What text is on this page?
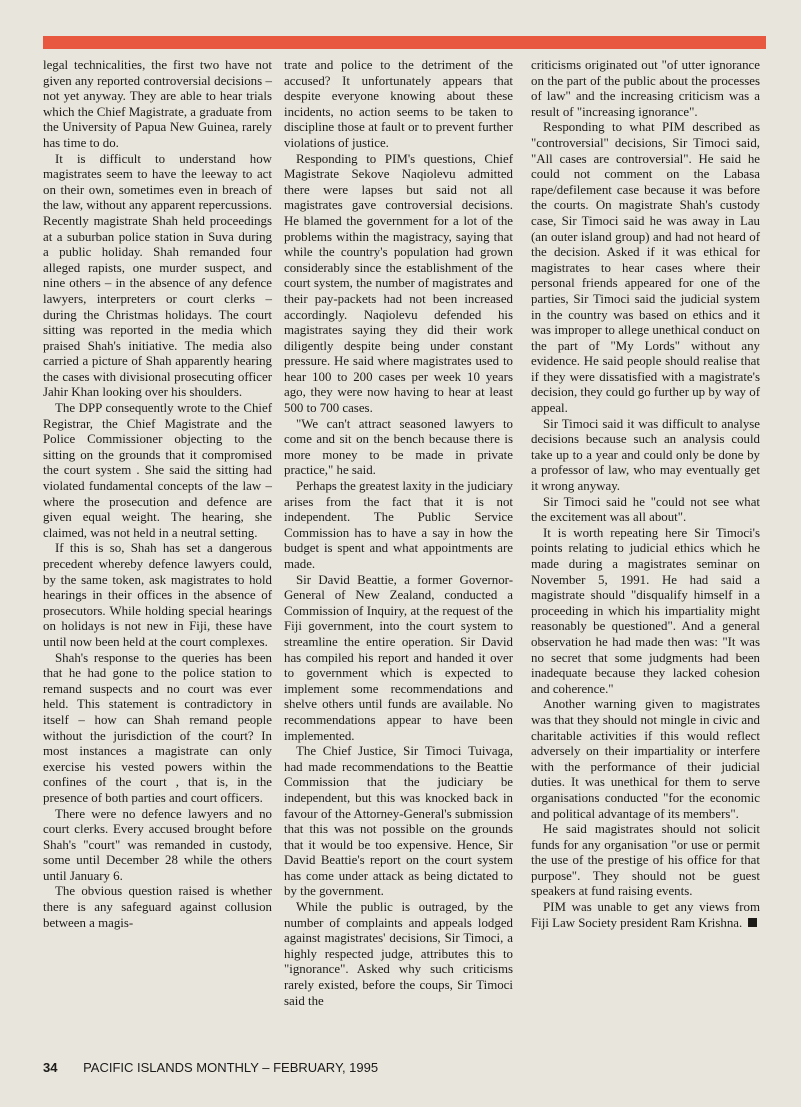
legal technicalities, the first two have not given any reported controversial decisions – not yet anyway. They are able to hear trials which the Chief Magistrate, a graduate from the University of Papua New Guinea, rarely has time to do.

It is difficult to understand how magistrates seem to have the leeway to act on their own, sometimes even in breach of the law, without any apparent repercussions. Recently magistrate Shah held proceedings at a suburban police station in Suva during a public holiday. Shah remanded four alleged rapists, one murder suspect, and nine others – in the absence of any defence lawyers, interpreters or court clerks – during the Christmas holidays. The court sitting was reported in the media which praised Shah's initiative. The media also carried a picture of Shah apparently hearing the cases with divisional prosecuting officer Jahir Khan looking over his shoulders.

The DPP consequently wrote to the Chief Registrar, the Chief Magistrate and the Police Commissioner objecting to the sitting on the grounds that it compromised the court system . She said the sitting had violated fundamental concepts of the law – where the prosecution and defence are given equal weight. The hearing, she claimed, was not held in a neutral setting.

If this is so, Shah has set a dangerous precedent whereby defence lawyers could, by the same token, ask magistrates to hold hearings in their offices in the absence of prosecutors. While holding special hearings on holidays is not new in Fiji, these have until now been held at the court complexes.

Shah's response to the queries has been that he had gone to the police station to remand suspects and no court was ever held. This statement is contradictory in itself – how can Shah remand people without the jurisdiction of the court? In most instances a magistrate can only exercise his vested powers within the confines of the court , that is, in the presence of both parties and court officers.

There were no defence lawyers and no court clerks. Every accused brought before Shah's "court" was remanded in custody, some until December 28 while the others until January 6.

The obvious question raised is whether there is any safeguard against collusion between a magis-

trate and police to the detriment of the accused? It unfortunately appears that despite everyone knowing about these incidents, no action seems to be taken to discipline those at fault or to prevent further violations of justice.

Responding to PIM's questions, Chief Magistrate Sekove Naqiolevu admitted there were lapses but said not all magistrates gave controversial decisions. He blamed the government for a lot of the problems within the magistracy, saying that while the country's population had grown considerably since the establishment of the court system, the number of magistrates and their pay-packets had not been increased accordingly. Naqiolevu defended his magistrates saying they did their work diligently despite being under constant pressure. He said where magistrates used to hear 100 to 200 cases per week 10 years ago, they were now having to hear at least 500 to 700 cases.

"We can't attract seasoned lawyers to come and sit on the bench because there is more money to be made in private practice," he said.

Perhaps the greatest laxity in the judiciary arises from the fact that it is not independent. The Public Service Commission has to have a say in how the budget is spent and what appointments are made.

Sir David Beattie, a former Governor-General of New Zealand, conducted a Commission of Inquiry, at the request of the Fiji government, into the court system to streamline the entire operation. Sir David has compiled his report and handed it over to government which is expected to implement some recommendations and shelve others until funds are available. No recommendations appear to have been implemented.

The Chief Justice, Sir Timoci Tuivaga, had made recommendations to the Beattie Commission that the judiciary be independent, but this was knocked back in favour of the Attorney-General's submission that this was not possible on the grounds that it would be too expensive. Hence, Sir David Beattie's report on the court system has come under attack as being dictated to by the government.

While the public is outraged, by the number of complaints and appeals lodged against magistrates' decisions, Sir Timoci, a highly respected judge, attributes this to "ignorance". Asked why such criticisms rarely existed, before the coups, Sir Timoci said the

criticisms originated out "of utter ignorance on the part of the public about the processes of law" and the increasing criticism was a result of "increasing ignorance".

Responding to what PIM described as "controversial" decisions, Sir Timoci said, "All cases are controversial". He said he could not comment on the Labasa rape/defilement case because it was before the courts. On magistrate Shah's custody case, Sir Timoci said he was away in Lau (an outer island group) and had not heard of the decision. Asked if it was ethical for magistrates to hear cases where their personal friends appeared for one of the parties, Sir Timoci said the judicial system in the country was based on ethics and it was improper to allege unethical conduct on the part of "My Lords" without any evidence. He said people should realise that if they were dissatisfied with a magistrate's decision, they could go further up by way of appeal.

Sir Timoci said it was difficult to analyse decisions because such an analysis could take up to a year and could only be done by a professor of law, who may eventually get it wrong anyway.

Sir Timoci said he "could not see what the excitement was all about".

It is worth repeating here Sir Timoci's points relating to judicial ethics which he made during a magistrates seminar on November 5, 1991. He had said a magistrate should "disqualify himself in a proceeding in which his impartiality might reasonably be questioned". And a general observation he had made then was: "It was no secret that some judgments had been inadequate because they lacked cohesion and coherence."

Another warning given to magistrates was that they should not mingle in civic and charitable activities if this would reflect adversely on their impartiality or interfere with the performance of their judicial duties. It was unethical for them to serve organisations conducted "for the economic and political advantage of its members".

He said magistrates should not solicit funds for any organisation "or use or permit the use of the prestige of his office for that purpose". They should not be guest speakers at fund raising events.

PIM was unable to get any views from Fiji Law Society president Ram Krishna.

34 PACIFIC ISLANDS MONTHLY – FEBRUARY, 1995
